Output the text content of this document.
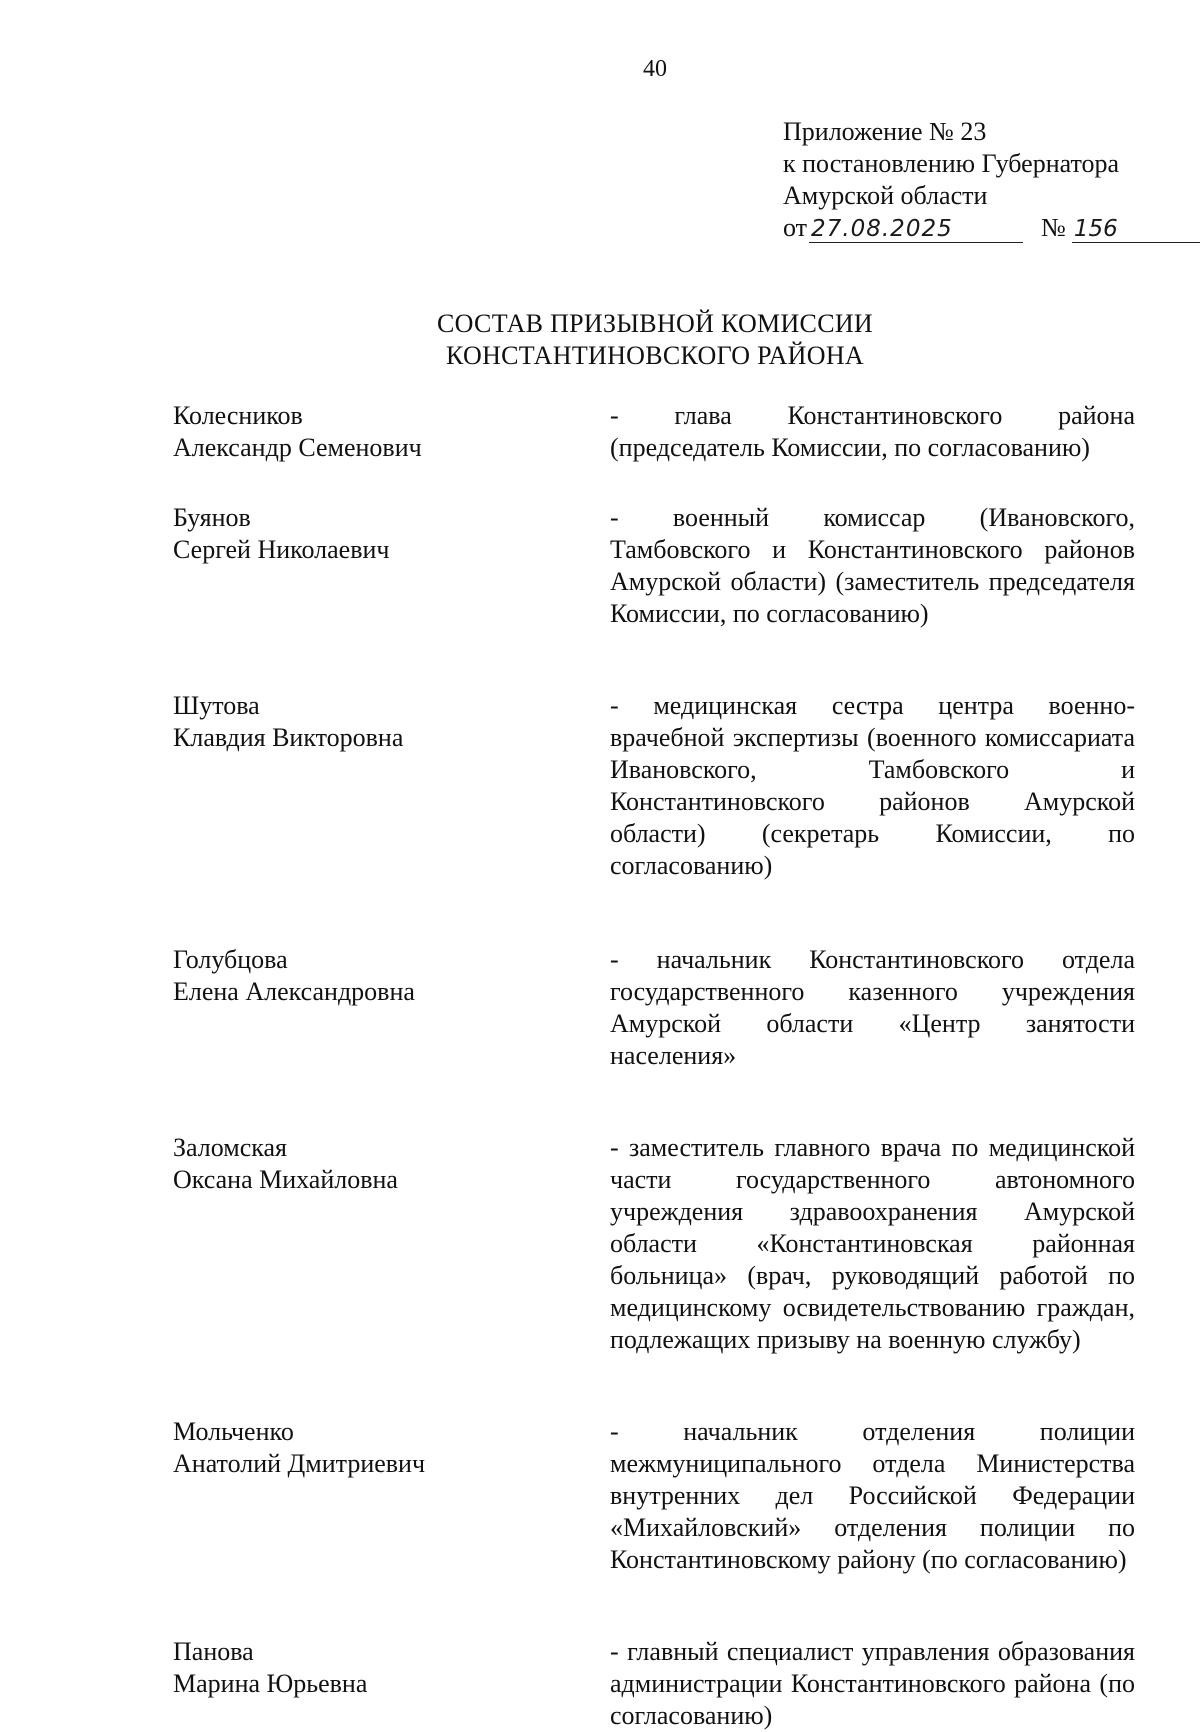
40
Приложение № 23
к постановлению Губернатора
Амурской области
от 27.08.2025	№ 156
СОСТАВ ПРИЗЫВНОЙ КОМИССИИ
КОНСТАНТИНОВСКОГО РАЙОНА
Колесников
Александр Семенович
- глава Константиновского района (председатель Комиссии, по согласованию)
Буянов
Сергей Николаевич
- военный комиссар (Ивановского, Тамбовского и Константиновского районов Амурской области) (заместитель председателя Комиссии, по согласованию)
Шутова
Клавдия Викторовна
- медицинская сестра центра военно-врачебной экспертизы (военного комиссариата Ивановского, Тамбовского и Константиновского районов Амурской области) (секретарь Комиссии, по согласованию)
Голубцова
Елена Александровна
- начальник Константиновского отдела государственного казенного учреждения Амурской области «Центр занятости населения»
Заломская
Оксана Михайловна
- заместитель главного врача по медицинской части государственного автономного учреждения здравоохранения Амурской области «Константиновская районная больница» (врач, руководящий работой по медицинскому освидетельствованию граждан, подлежащих призыву на военную службу)
Мольченко
Анатолий Дмитриевич
- начальник отделения полиции межмуниципального отдела Министерства внутренних дел Российской Федерации «Михайловский» отделения полиции по Константиновскому району (по согласованию)
Панова
Марина Юрьевна
- главный специалист управления образования администрации Константиновского района (по согласованию)
